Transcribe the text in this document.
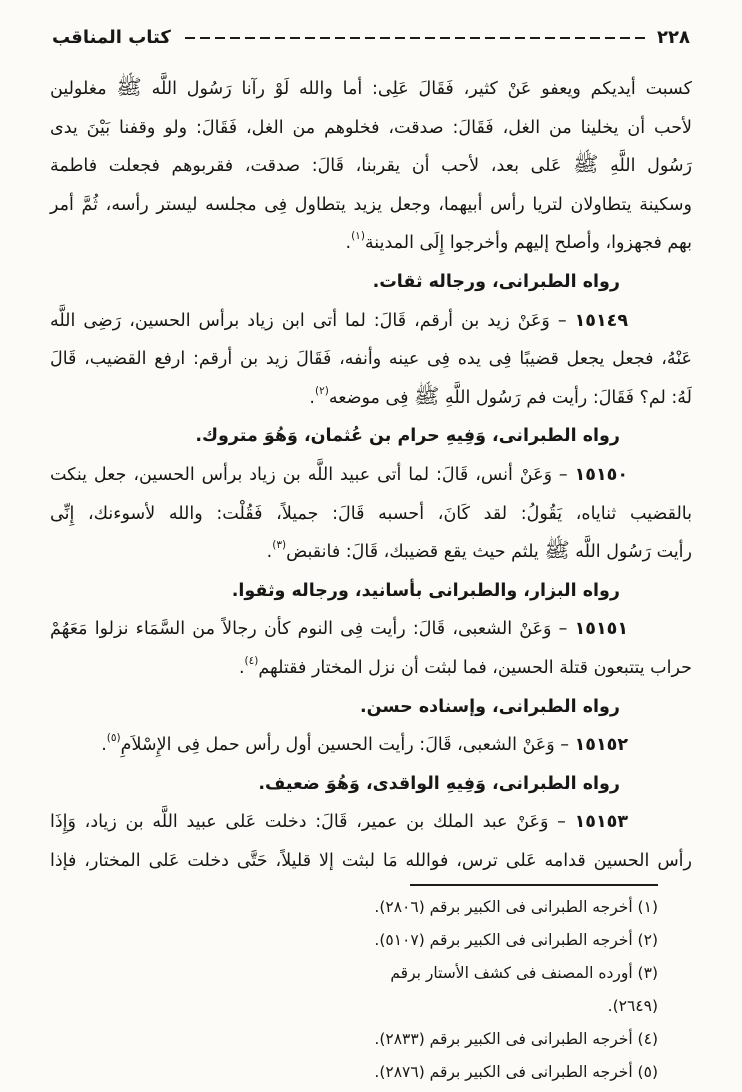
٢٢٨
كتاب المناقب
كسبت أيديكم ويعفو عَنْ كثير، فَقَالَ عَلِى: أما والله لَوْ رآنا رَسُول اللَّه ﷺ مغلولين
لأحب أن يخلينا من الغل، فَقَالَ: صدقت، فخلوهم من الغل، فَقَالَ: ولو وقفنا بَيْنَ يدى
رَسُول اللَّهِ ﷺ عَلى بعد، لأحب أن يقربنا، قَالَ: صدقت، فقربوهم فجعلت فاطمة
وسكينة يتطاولان لتريا رأس أبيهما، وجعل يزيد يتطاول فِى مجلسه ليستر رأسه، ثُمَّ أمر
بهم فجهزوا، وأصلح إليهم وأخرجوا إِلَى المدينة$^{(١)}$.
رواه الطبرانى، ورجاله ثقات.
١٥١٤٩ – وَعَنْ زيد بن أرقم، قَالَ: لما أتى ابن زياد برأس الحسين، رَضِى اللَّه
عَنْهُ، فجعل يجعل قضيبًا فِى يده فِى عينه وأنفه، فَقَالَ زيد بن أرقم: ارفع القضيب، قَالَ
لَهُ: لم؟ فَقَالَ: رأيت فم رَسُول اللَّهِ ﷺ فِى موضعه$^{(٢)}$.
رواه الطبرانى، وَفِيهِ حرام بن عُثمان، وَهُوَ متروك.
١٥١٥٠ – وَعَنْ أنس، قَالَ: لما أتى عبيد اللَّه بن زياد برأس الحسين، جعل ينكت
بالقضيب ثناياه، يَقُولُ: لقد كَانَ، أحسبه قَالَ: جميلاً، فَقُلْت: والله لأسوءنك، إِنِّى
رأيت رَسُول اللَّه ﷺ يلثم حيث يقع قضيبك، قَالَ: فانقبض$^{(٣)}$.
رواه البزار، والطبرانى بأسانيد، ورجاله وثقوا.
١٥١٥١ – وَعَنْ الشعبى، قَالَ: رأيت فِى النوم كأن رجالاً من السَّمَاء نزلوا مَعَهُمْ
حراب يتتبعون قتلة الحسين، فما لبثت أن نزل المختار فقتلهم$^{(٤)}$.
رواه الطبرانى، وإسناده حسن.
١٥١٥٢ – وَعَنْ الشعبى، قَالَ: رأيت الحسين أول رأس حمل فِى الإِسْلاَمِ$^{(٥)}$.
رواه الطبرانى، وَفِيهِ الواقدى، وَهُوَ ضعيف.
١٥١٥٣ – وَعَنْ عبد الملك بن عمير، قَالَ: دخلت عَلى عبيد اللَّه بن زياد، وَإِذَا
رأس الحسين قدامه عَلى ترس، فوالله مَا لبثت إلا قليلاً، حَتَّى دخلت عَلى المختار، فإذا
(١) أخرجه الطبرانى فى الكبير برقم (٢٨٠٦).
(٢) أخرجه الطبرانى فى الكبير برقم (٥١٠٧).
(٣) أورده المصنف فى كشف الأستار برقم (٢٦٤٩).
(٤) أخرجه الطبرانى فى الكبير برقم (٢٨٣٣).
(٥) أخرجه الطبرانى فى الكبير برقم (٢٨٧٦).
